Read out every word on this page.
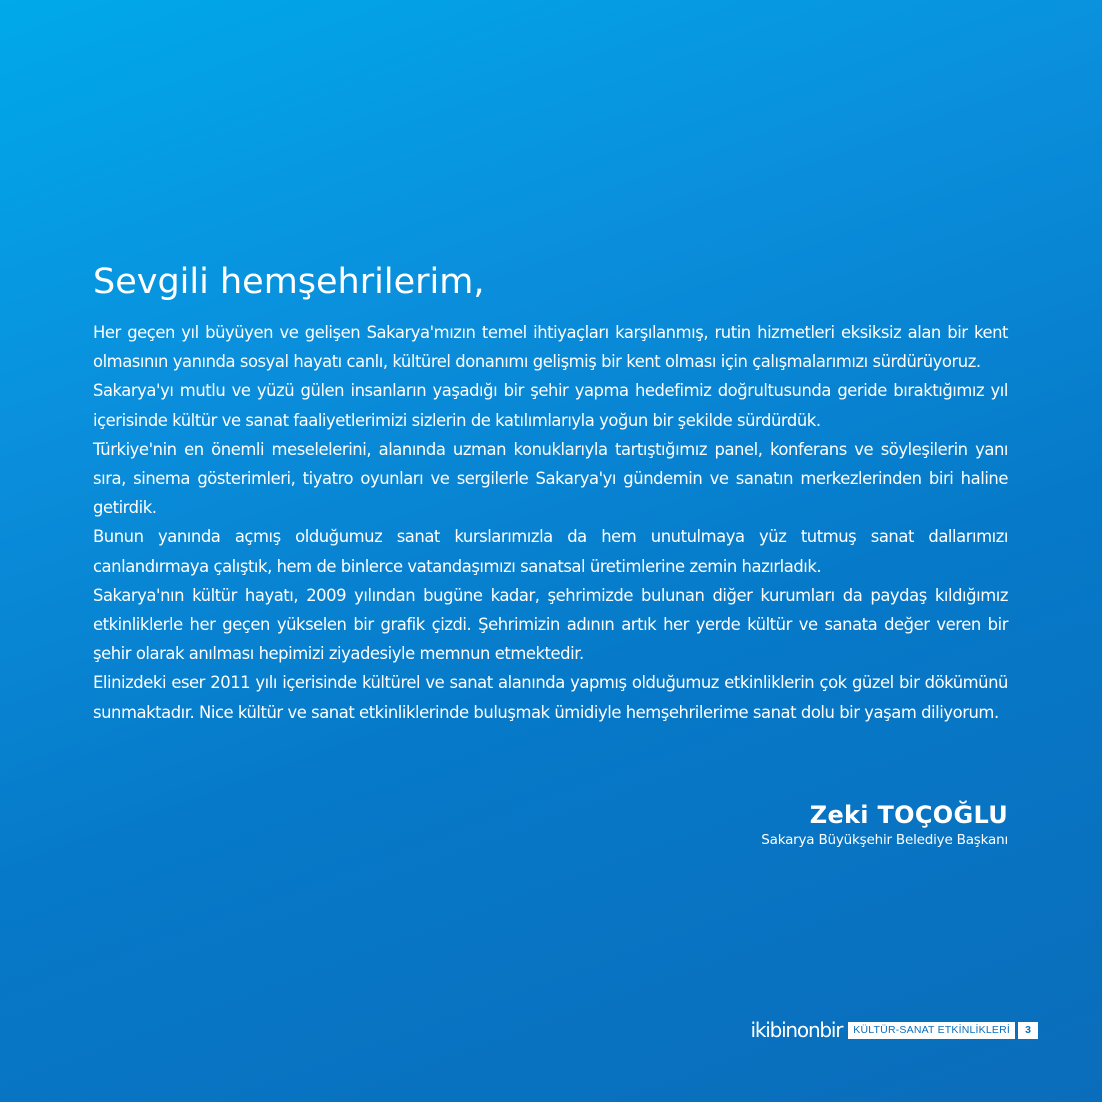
Sevgili hemşehrilerim,

Her geçen yıl büyüyen ve gelişen Sakarya'mızın temel ihtiyaçları karşılanmış, rutin hizmetleri eksiksiz alan bir kent olmasının yanında sosyal hayatı canlı, kültürel donanımı gelişmiş bir kent olması için çalışmalarımızı sürdürüyoruz.

Sakarya'yı mutlu ve yüzü gülen insanların yaşadığı bir şehir yapma hedefimiz doğrultusunda geride bıraktığımız yıl içerisinde kültür ve sanat faaliyetlerimizi sizlerin de katılımlarıyla yoğun bir şekilde sürdürdük.

Türkiye'nin en önemli meselelerini, alanında uzman konuklarıyla tartıştığımız panel, konferans ve söyleşilerin yanı sıra, sinema gösterimleri, tiyatro oyunları ve sergilerle Sakarya'yı gündemin ve sanatın merkezlerinden biri haline getirdik.

Bunun yanında açmış olduğumuz sanat kurslarımızla da hem unutulmaya yüz tutmuş sanat dallarımızı canlandırmaya çalıştık, hem de binlerce vatandaşımızı sanatsal üretimlerine zemin hazırladık.

Sakarya'nın kültür hayatı, 2009 yılından bugüne kadar, şehrimizde bulunan diğer kurumları da paydaş kıldığımız etkinliklerle her geçen yükselen bir grafik çizdi. Şehrimizin adının artık her yerde kültür ve sanata değer veren bir şehir olarak anılması hepimizi ziyadesiyle memnun etmektedir.

Elinizdeki eser 2011 yılı içerisinde kültürel ve sanat alanında yapmış olduğumuz etkinliklerin çok güzel bir dökümünü sunmaktadır. Nice kültür ve sanat etkinliklerinde buluşmak ümidiyle hemşehrilerime sanat dolu bir yaşam diliyorum.

Zeki TOÇOĞLU
Sakarya Büyükşehir Belediye Başkanı
ikibinonbir	KÜLTÜR-SANAT ETKİNLİKLERİ	3
